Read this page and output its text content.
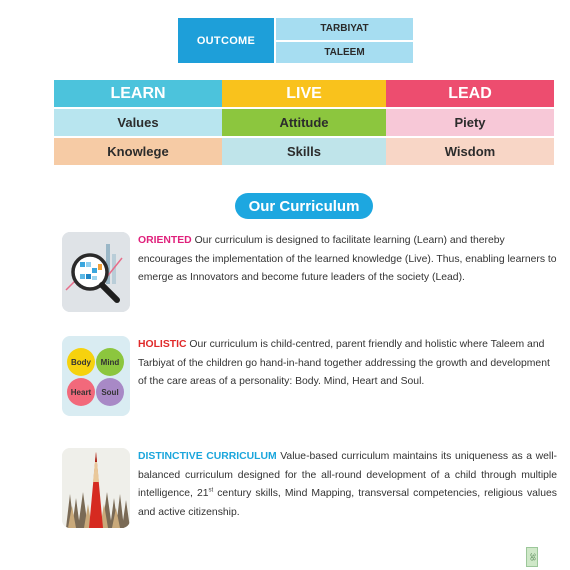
OUTCOME
TARBIYAT
TALEEM
LEARN	LIVE	LEAD
Values	Attitude	Piety
Knowlege	Skills	Wisdom
Our Curriculum

ORIENTED Our curriculum is designed to facilitate learning (Learn) and thereby encourages the implementation of the learned knowledge (Live). Thus, enabling learners to emerge as Innovators and become future leaders of the society (Lead).

Body	Mind
Heart	Soul

HOLISTIC Our curriculum is child-centred, parent friendly and holistic where Taleem and Tarbiyat of the children go hand-in-hand together addressing the growth and development of the care areas of a personality: Body. Mind, Heart and Soul.

DISTINCTIVE CURRICULUM Value-based curriculum maintains its uniqueness as a well-balanced curriculum designed for the all-round development of a child through multiple intelligence, 21st century skills, Mind Mapping, transversal competencies, religious values and active citizenship.

38
